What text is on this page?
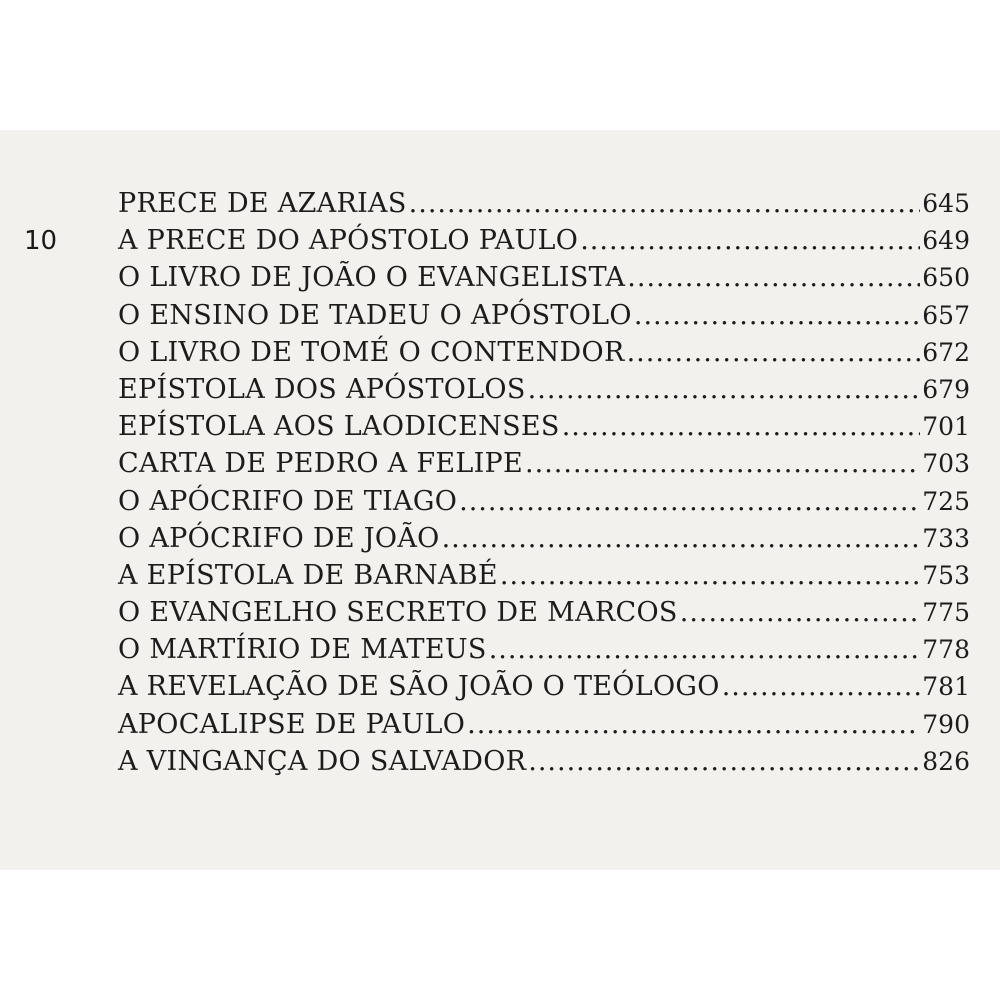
10
PRECE DE AZARIAS .....	645
A PRECE DO APÓSTOLO PAULO .....	649
O LIVRO DE JOÃO O EVANGELISTA .....	650
O ENSINO DE TADEU O APÓSTOLO .....	657
O LIVRO DE TOMÉ O CONTENDOR .....	672
EPÍSTOLA DOS APÓSTOLOS .....	679
EPÍSTOLA AOS LAODICENSES .....	701
CARTA DE PEDRO A FELIPE .....	703
O APÓCRIFO DE TIAGO .....	725
O APÓCRIFO DE JOÃO .....	733
A EPÍSTOLA DE BARNABÉ .....	753
O EVANGELHO SECRETO DE MARCOS .....	775
O MARTÍRIO DE MATEUS .....	778
A REVELAÇÃO DE SÃO JOÃO O TEÓLOGO .....	781
APOCALIPSE DE PAULO .....	790
A VINGANÇA DO SALVADOR .....	826
